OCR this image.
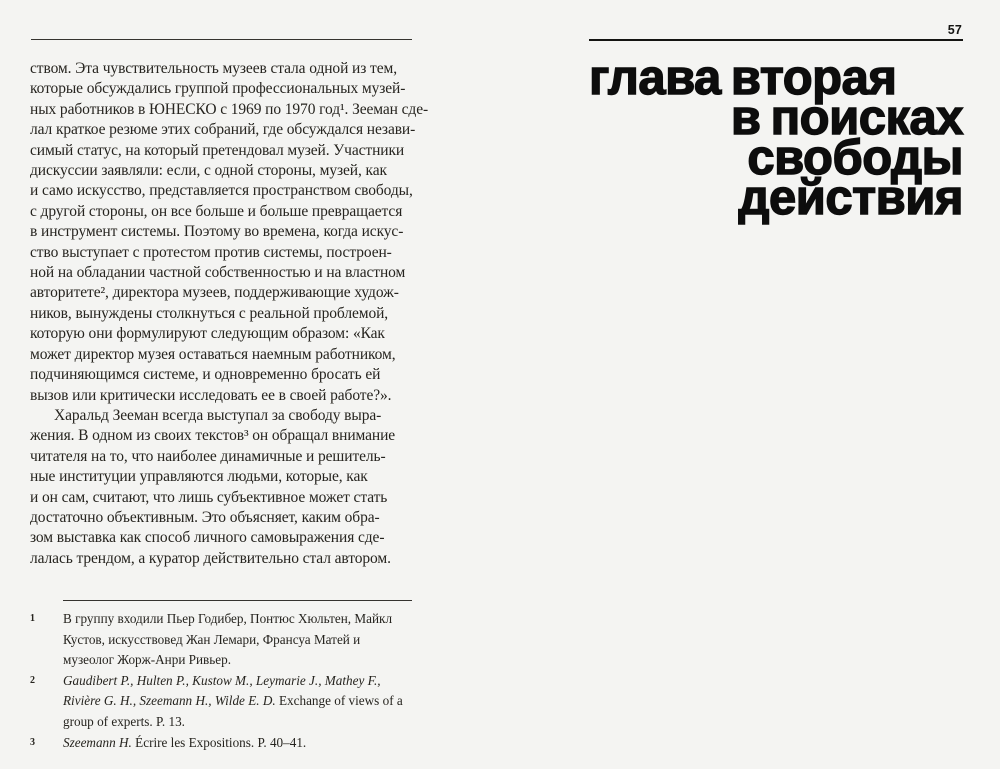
ством. Эта чувствительность музеев стала одной из тем,
которые обсуждались группой профессиональных музей-
ных работников в ЮНЕСКО с 1969 по 1970 год¹. Зееман сде-
лал краткое резюме этих собраний, где обсуждался незави-
симый статус, на который претендовал музей. Участники
дискуссии заявляли: если, с одной стороны, музей, как
и само искусство, представляется пространством свободы,
с другой стороны, он все больше и больше превращается
в инструмент системы. Поэтому во времена, когда искус-
ство выступает с протестом против системы, построен-
ной на обладании частной собственностью и на властном
авторитете², директора музеев, поддерживающие худож-
ников, вынуждены столкнуться с реальной проблемой,
которую они формулируют следующим образом: «Как
может директор музея оставаться наемным работником,
подчиняющимся системе, и одновременно бросать ей
вызов или критически исследовать ее в своей работе?».
Харальд Зееман всегда выступал за свободу выра-
жения. В одном из своих текстов³ он обращал внимание
читателя на то, что наиболее динамичные и решитель-
ные институции управляются людьми, которые, как
и он сам, считают, что лишь субъективное может стать
достаточно объективным. Это объясняет, каким обра-
зом выставка как способ личного самовыражения сде-
лалась трендом, а куратор действительно стал автором.
1	В группу входили Пьер Годибер, Понтюс Хюльтен, Майкл Кустов, искусствовед Жан Лемари, Франсуа Матей и музеолог Жорж-Анри Ривьер.
2	Gaudibert P., Hulten P., Kustow M., Leymarie J., Mathey F., Rivière G. H., Szeemann H., Wilde E. D. Exchange of views of a group of experts. P. 13.
3	Szeemann H. Écrire les Expositions. P. 40–41.
57
глава вторая
в поисках
свободы
действия
